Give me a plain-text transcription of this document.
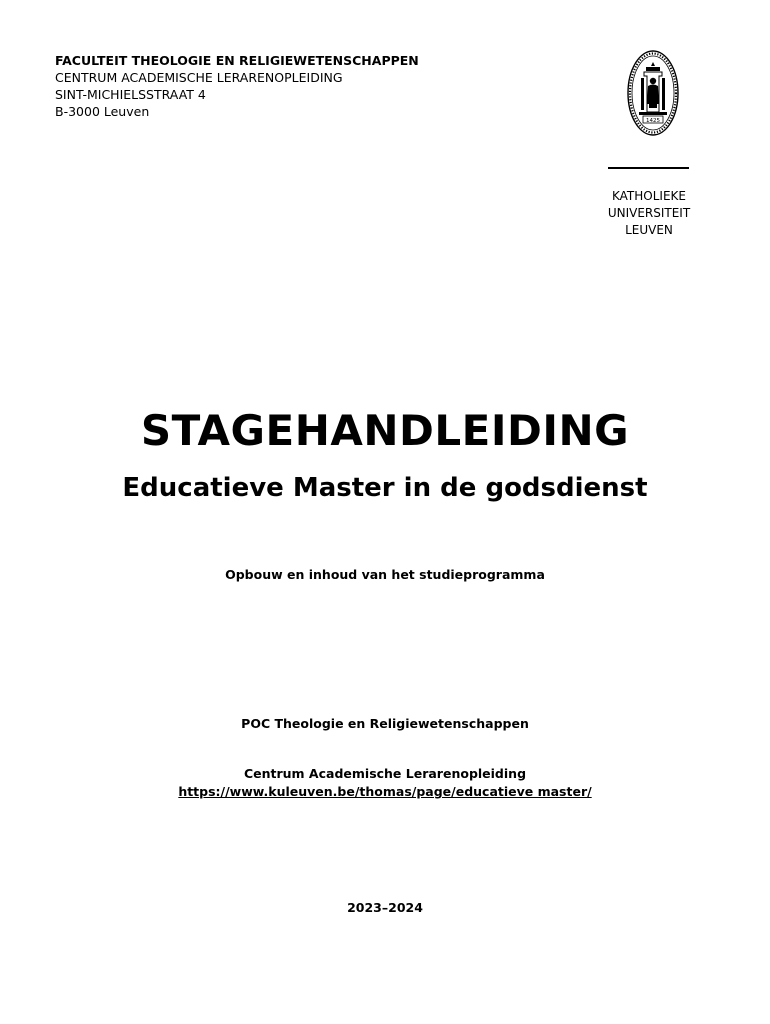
FACULTEIT THEOLOGIE EN RELIGIEWETENSCHAPPEN
CENTRUM ACADEMISCHE LERARENOPLEIDING
SINT-MICHIELSSTRAAT 4
B-3000 Leuven
1425
KATHOLIEKE
UNIVERSITEIT
LEUVEN
STAGEHANDLEIDING
Educatieve Master in de godsdienst
Opbouw en inhoud van het studieprogramma
POC Theologie en Religiewetenschappen
Centrum Academische Lerarenopleiding
https://www.kuleuven.be/thomas/page/educatieve master/
2023–2024
